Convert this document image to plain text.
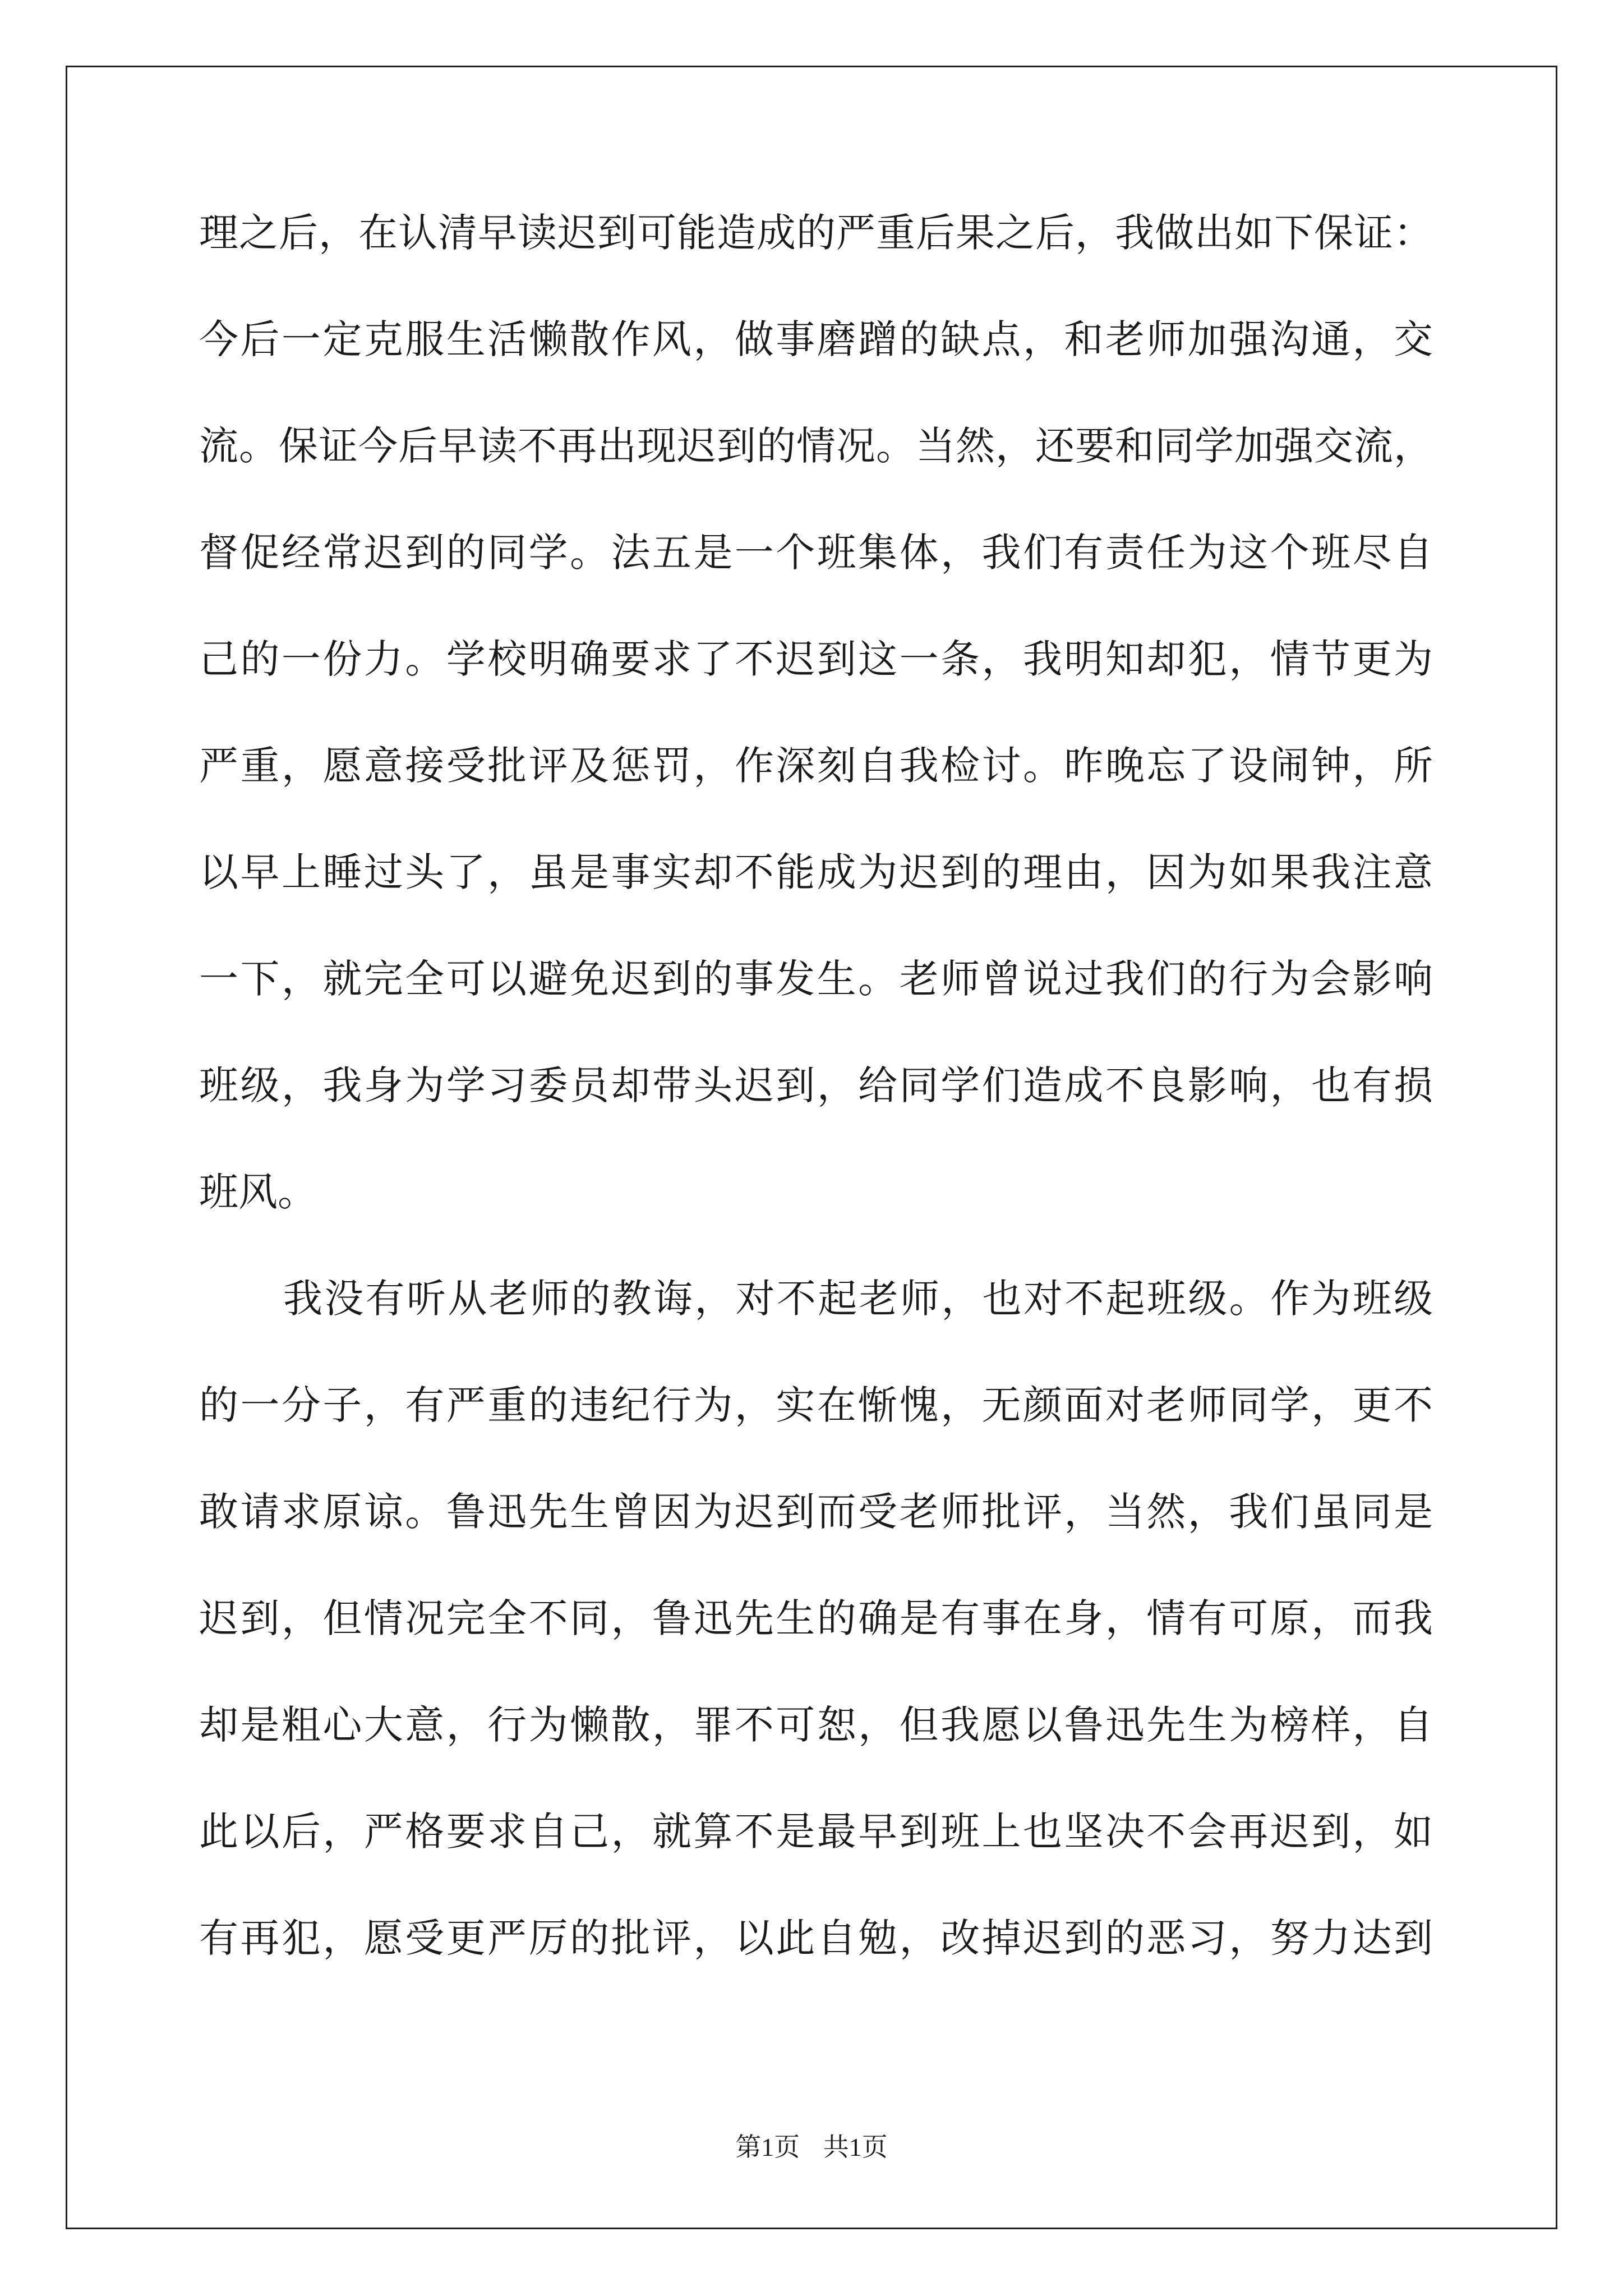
理之后，在认清早读迟到可能造成的严重后果之后，我做出如下保证：
今后一定克服生活懒散作风，做事磨蹭的缺点，和老师加强沟通，交
流。保证今后早读不再出现迟到的情况。当然，还要和同学加强交流，
督促经常迟到的同学。法五是一个班集体，我们有责任为这个班尽自
己的一份力。学校明确要求了不迟到这一条，我明知却犯，情节更为
严重，愿意接受批评及惩罚，作深刻自我检讨。昨晚忘了设闹钟，所
以早上睡过头了，虽是事实却不能成为迟到的理由，因为如果我注意
一下，就完全可以避免迟到的事发生。老师曾说过我们的行为会影响
班级，我身为学习委员却带头迟到，给同学们造成不良影响，也有损
班风。
我没有听从老师的教诲，对不起老师，也对不起班级。作为班级
的一分子，有严重的违纪行为，实在惭愧，无颜面对老师同学，更不
敢请求原谅。鲁迅先生曾因为迟到而受老师批评，当然，我们虽同是
迟到，但情况完全不同，鲁迅先生的确是有事在身，情有可原，而我
却是粗心大意，行为懒散，罪不可恕，但我愿以鲁迅先生为榜样，自
此以后，严格要求自己，就算不是最早到班上也坚决不会再迟到，如
有再犯，愿受更严厉的批评，以此自勉，改掉迟到的恶习，努力达到
第1页 共1页
